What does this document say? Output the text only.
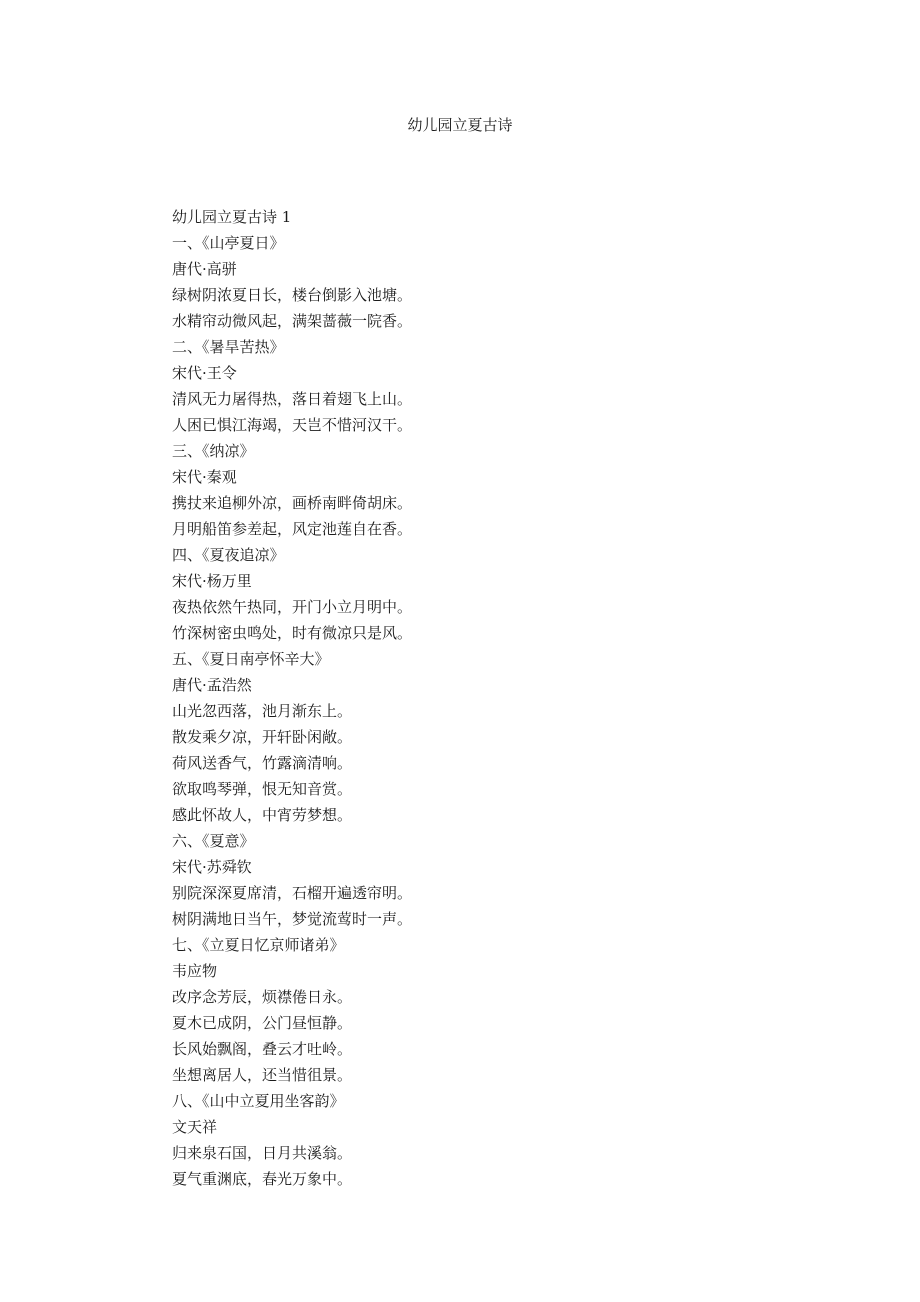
幼儿园立夏古诗
幼儿园立夏古诗 1
一、《山亭夏日》
唐代·高骈
绿树阴浓夏日长，楼台倒影入池塘。
水精帘动微风起，满架蔷薇一院香。
二、《暑旱苦热》
宋代·王令
清风无力屠得热，落日着翅飞上山。
人困已惧江海竭，天岂不惜河汉干。
三、《纳凉》
宋代·秦观
携扙来追柳外凉，画桥南畔倚胡床。
月明船笛参差起，风定池莲自在香。
四、《夏夜追凉》
宋代·杨万里
夜热依然午热同，开门小立月明中。
竹深树密虫鸣处，时有微凉只是风。
五、《夏日南亭怀辛大》
唐代·孟浩然
山光忽西落，池月渐东上。
散发乘夕凉，开轩卧闲敞。
荷风送香气，竹露滴清响。
欲取鸣琴弹，恨无知音赏。
感此怀故人，中宵劳梦想。
六、《夏意》
宋代·苏舜钦
别院深深夏席清，石榴开遍透帘明。
树阴满地日当午，梦觉流莺时一声。
七、《立夏日忆京师诸弟》
韦应物
改序念芳辰，烦襟倦日永。
夏木已成阴，公门昼恒静。
长风始飘阁，叠云才吐岭。
坐想离居人，还当惜徂景。
八、《山中立夏用坐客韵》
文天祥
归来泉石国，日月共溪翁。
夏气重渊底，春光万象中。
